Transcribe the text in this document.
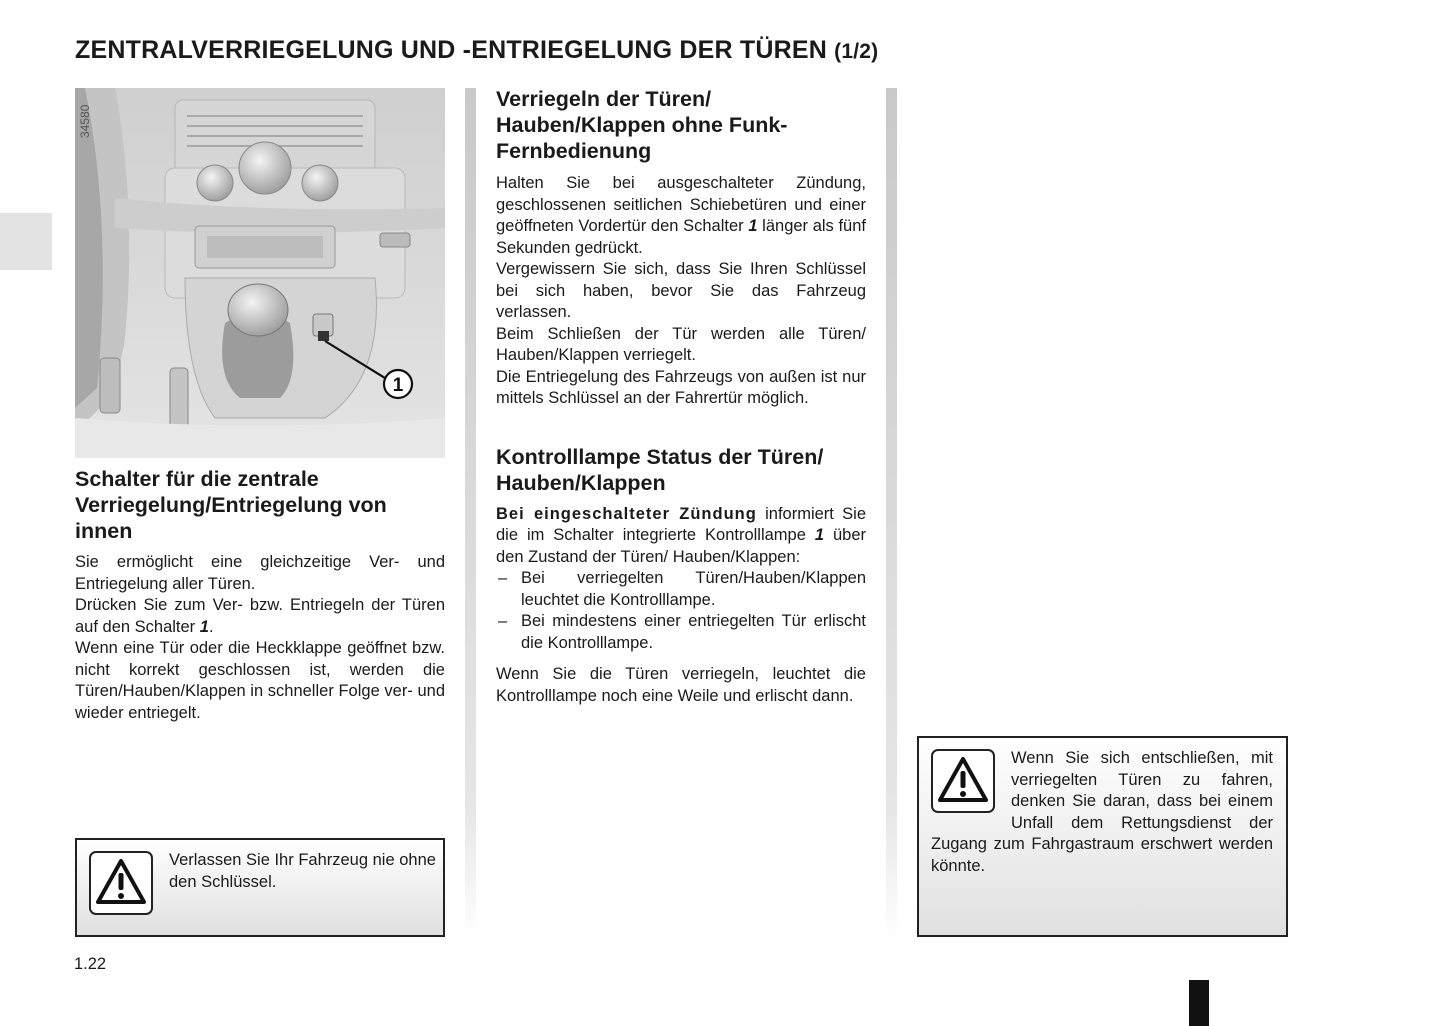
ZENTRALVERRIEGELUNG UND -ENTRIEGELUNG DER TÜREN (1/2)
1
34580
Schalter für die zentrale Verriegelung/Entriegelung von innen

Sie ermöglicht eine gleichzeitige Ver- und Entriegelung aller Türen.

Drücken Sie zum Ver- bzw. Entriegeln der Türen auf den Schalter 1.

Wenn eine Tür oder die Heckklappe geöffnet bzw. nicht korrekt geschlossen ist, werden die Türen/Hauben/Klappen in schneller Folge ver- und wieder entriegelt.

Verlassen Sie Ihr Fahrzeug nie ohne den Schlüssel.

Verriegeln der Türen/ Hauben/Klappen ohne Funk-Fernbedienung

Halten Sie bei ausgeschalteter Zündung, geschlossenen seitlichen Schiebetüren und einer geöffneten Vordertür den Schalter 1 länger als fünf Sekunden gedrückt.

Vergewissern Sie sich, dass Sie Ihren Schlüssel bei sich haben, bevor Sie das Fahrzeug verlassen.

Beim Schließen der Tür werden alle Türen/ Hauben/Klappen verriegelt.

Die Entriegelung des Fahrzeugs von außen ist nur mittels Schlüssel an der Fahrertür möglich.

Kontrolllampe Status der Türen/ Hauben/Klappen

Bei eingeschalteter Zündung informiert Sie die im Schalter integrierte Kontrolllampe 1 über den Zustand der Türen/ Hauben/Klappen:

– Bei verriegelten Türen/Hauben/Klappen leuchtet die Kontrolllampe.
– Bei mindestens einer entriegelten Tür erlischt die Kontrolllampe.

Wenn Sie die Türen verriegeln, leuchtet die Kontrolllampe noch eine Weile und erlischt dann.

Wenn Sie sich entschließen, mit verriegelten Türen zu fahren, denken Sie daran, dass bei einem Unfall dem Rettungsdienst der Zugang zum Fahrgastraum erschwert werden könnte.

1.22
